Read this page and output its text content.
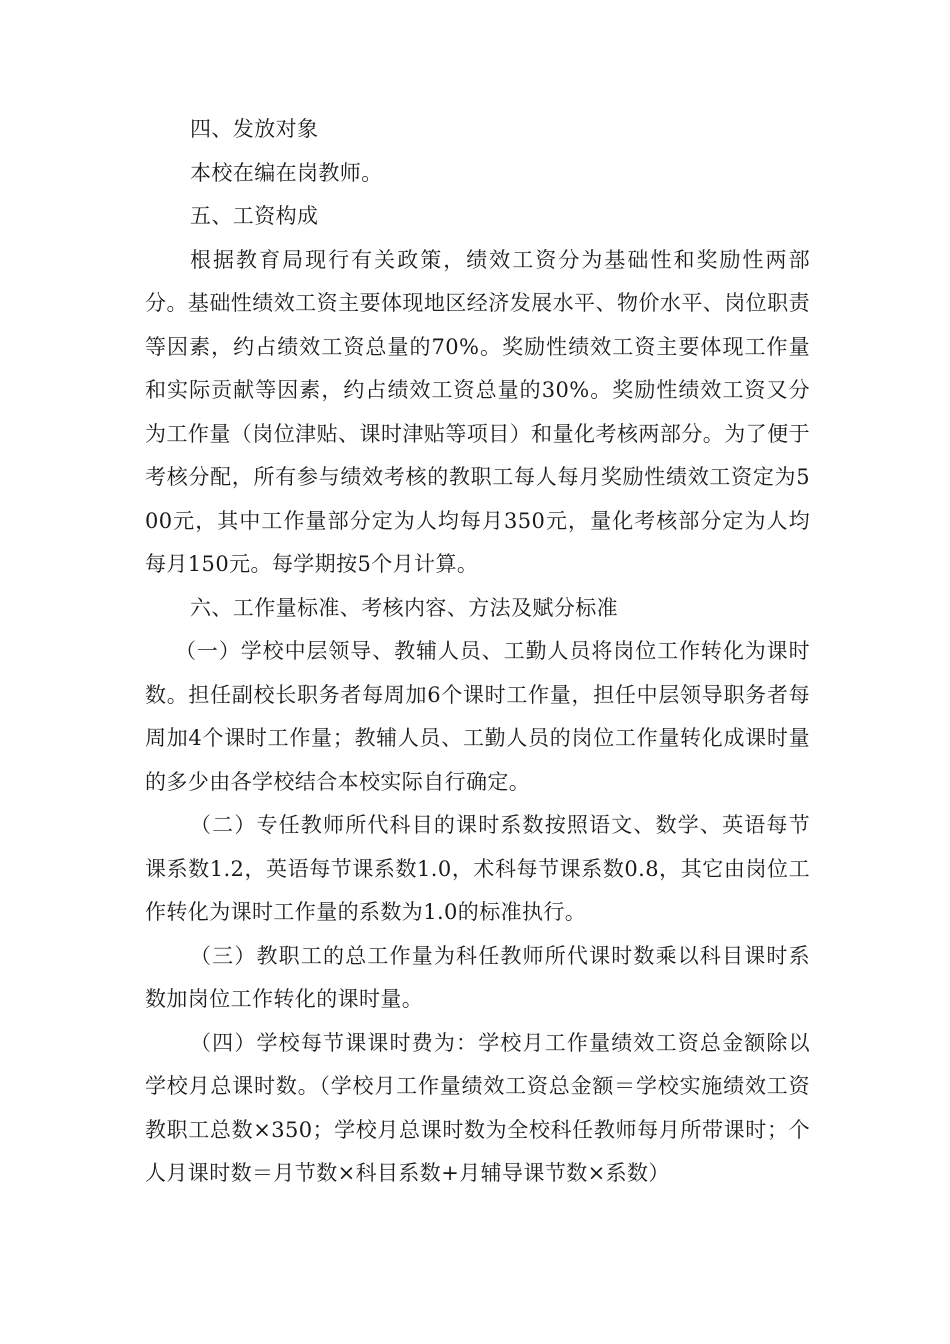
四、发放对象

本校在编在岗教师。

五、工资构成

根据教育局现行有关政策，绩效工资分为基础性和奖励性两部分。基础性绩效工资主要体现地区经济发展水平、物价水平、岗位职责等因素，约占绩效工资总量的70%。奖励性绩效工资主要体现工作量和实际贡献等因素，约占绩效工资总量的30%。奖励性绩效工资又分为工作量（岗位津贴、课时津贴等项目）和量化考核两部分。为了便于考核分配，所有参与绩效考核的教职工每人每月奖励性绩效工资定为500元，其中工作量部分定为人均每月350元，量化考核部分定为人均每月150元。每学期按5个月计算。

六、工作量标准、考核内容、方法及赋分标准

（一）学校中层领导、教辅人员、工勤人员将岗位工作转化为课时数。担任副校长职务者每周加6个课时工作量，担任中层领导职务者每周加4个课时工作量；教辅人员、工勤人员的岗位工作量转化成课时量的多少由各学校结合本校实际自行确定。

（二）专任教师所代科目的课时系数按照语文、数学、英语每节课系数1.2，英语每节课系数1.0，术科每节课系数0.8，其它由岗位工作转化为课时工作量的系数为1.0的标准执行。

（三）教职工的总工作量为科任教师所代课时数乘以科目课时系数加岗位工作转化的课时量。

（四）学校每节课课时费为：学校月工作量绩效工资总金额除以学校月总课时数。（学校月工作量绩效工资总金额＝学校实施绩效工资教职工总数×350；学校月总课时数为全校科任教师每月所带课时；个人月课时数＝月节数×科目系数+月辅导课节数×系数）
